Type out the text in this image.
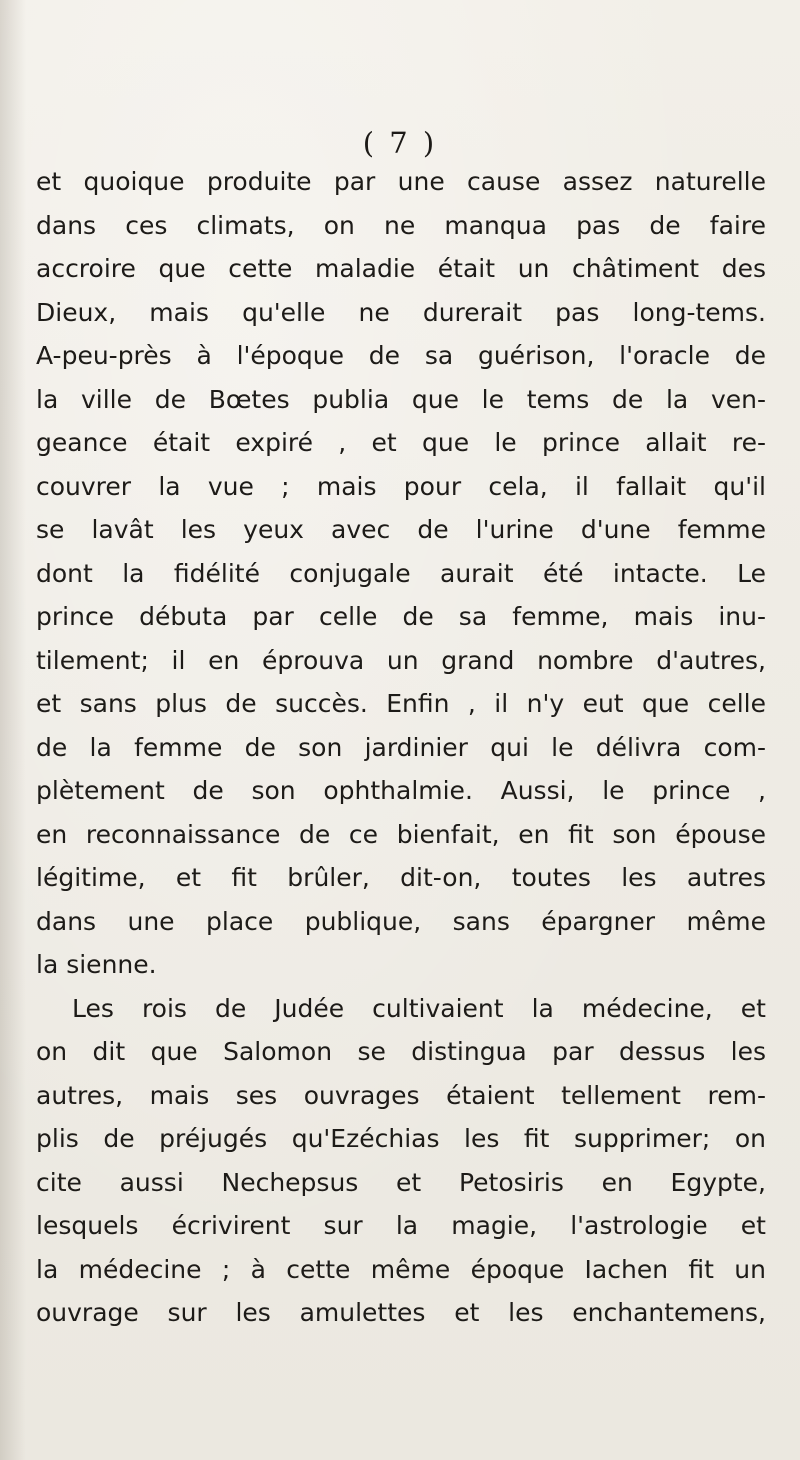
( 7 )
et quoique produite par une cause assez naturelle
dans ces climats, on ne manqua pas de faire
accroire que cette maladie était un châtiment des
Dieux, mais qu'elle ne durerait pas long-tems.
A-peu-près à l'époque de sa guérison, l'oracle de
la ville de Bœtes publia que le tems de la ven-
geance était expiré , et que le prince allait re-
couvrer la vue ; mais pour cela, il fallait qu'il
se lavât les yeux avec de l'urine d'une femme
dont la fidélité conjugale aurait été intacte. Le
prince débuta par celle de sa femme, mais inu-
tilement; il en éprouva un grand nombre d'autres,
et sans plus de succès. Enfin , il n'y eut que celle
de la femme de son jardinier qui le délivra com-
plètement de son ophthalmie. Aussi, le prince ,
en reconnaissance de ce bienfait, en fit son épouse
légitime, et fit brûler, dit-on, toutes les autres
dans une place publique, sans épargner même
la sienne.
Les rois de Judée cultivaient la médecine, et
on dit que Salomon se distingua par dessus les
autres, mais ses ouvrages étaient tellement rem-
plis de préjugés qu'Ezéchias les fit supprimer; on
cite aussi Nechepsus et Petosiris en Egypte,
lesquels écrivirent sur la magie, l'astrologie et
la médecine ; à cette même époque Iachen fit un
ouvrage sur les amulettes et les enchantemens,
